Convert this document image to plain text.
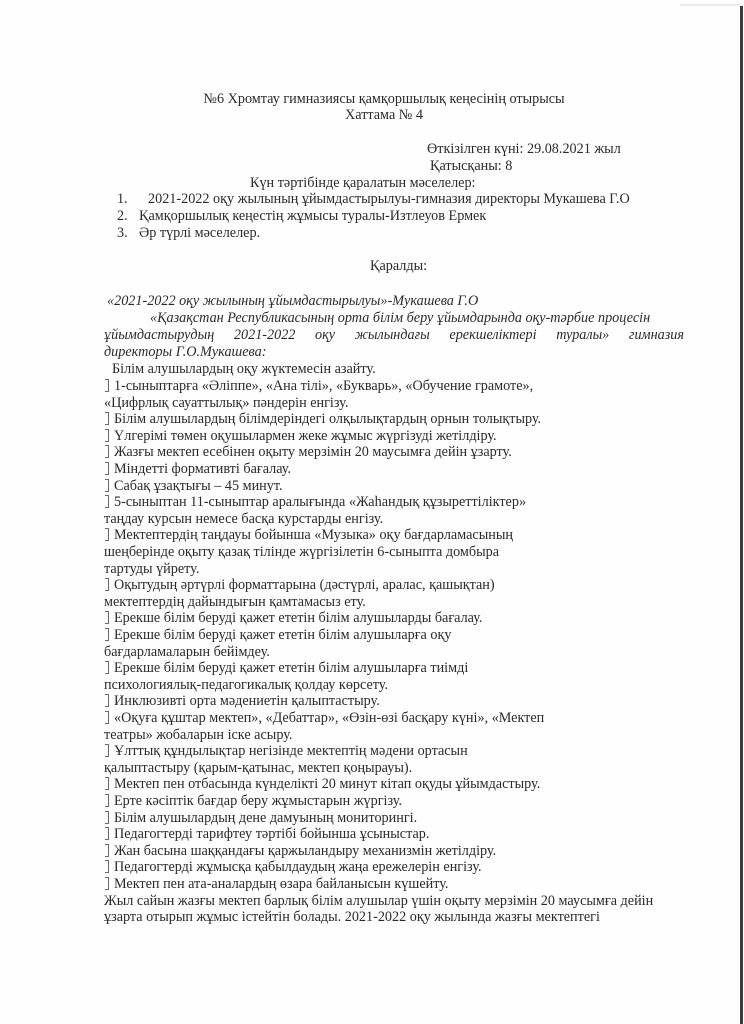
№6 Хромтау гимназиясы қамқоршылық кеңесінің отырысы
Хаттама № 4
Өткізілген күні: 29.08.2021 жыл
Қатысқаны: 8
Күн тәртібінде қаралатын мәселелер:
1. 2021-2022 оқу жылының ұйымдастырылуы-гимназия директоры Мукашева Г.О
2. Қамқоршылық кеңестің жұмысы туралы-Изтлеуов Ермек
3. Әр түрлі мәселелер.
Қаралды:
«2021-2022 оқу жылының ұйымдастырылуы»-Мукашева Г.О
«Қазақстан Республикасының орта білім беру ұйымдарында оқу-тәрбие процесін
ұйымдастырудың 2021-2022 оқу жылындағы ерекшеліктері туралы» гимназия
директоры Г.О.Мукашева:
Білім алушылардың оқу жүктемесін азайту.
1-сыныптарға «Әліппе», «Ана тілі», «Букварь», «Обучение грамоте»,
«Цифрлық сауаттылық» пәндерін енгізу.
Білім алушылардың білімдеріндегі олқылықтардың орнын толықтыру.
Үлгерімі төмен оқушылармен жеке жұмыс жүргізуді жетілдіру.
Жазғы мектеп есебінен оқыту мерзімін 20 маусымға дейін ұзарту.
Міндетті формативті бағалау.
Сабақ ұзақтығы – 45 минут.
5-сыныптан 11-сыныптар аралығында «Жаһандық құзыреттіліктер»
таңдау курсын немесе басқа курстарды енгізу.
Мектептердің таңдауы бойынша «Музыка» оқу бағдарламасының
шеңберінде оқыту қазақ тілінде жүргізілетін 6-сыныпта домбыра
тартуды үйрету.
Оқытудың әртүрлі форматтарына (дәстүрлі, аралас, қашықтан)
мектептердің дайындығын қамтамасыз ету.
Ерекше білім беруді қажет ететін білім алушыларды бағалау.
Ерекше білім беруді қажет ететін білім алушыларға оқу
бағдарламаларын бейімдеу.
Ерекше білім беруді қажет ететін білім алушыларға тиімді
психологиялық-педагогикалық қолдау көрсету.
Инклюзивті орта мәдениетін қалыптастыру.
«Оқуға құштар мектеп», «Дебаттар», «Өзін-өзі басқару күні», «Мектеп
театры» жобаларын іске асыру.
Ұлттық құндылықтар негізінде мектептің мәдени ортасын
қалыптастыру (қарым-қатынас, мектеп қоңырауы).
Мектеп пен отбасында күнделікті 20 минут кітап оқуды ұйымдастыру.
Ерте кәсіптік бағдар беру жұмыстарын жүргізу.
Білім алушылардың дене дамуының мониторингі.
Педагогтерді тарифтеу тәртібі бойынша ұсыныстар.
Жан басына шаққандағы қаржыландыру механизмін жетілдіру.
Педагогтерді жұмысқа қабылдаудың жаңа ережелерін енгізу.
Мектеп пен ата-аналардың өзара байланысын күшейту.
Жыл сайын жазғы мектеп барлық білім алушылар үшін оқыту мерзімін 20 маусымға дейін
ұзарта отырып жұмыс істейтін болады. 2021-2022 оқу жылында жазғы мектептегі
